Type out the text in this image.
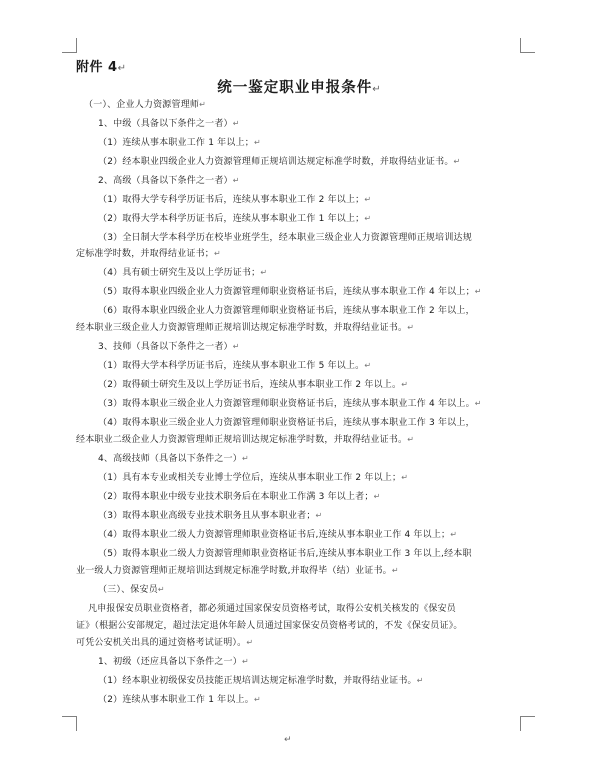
附件 4↵
统一鉴定职业申报条件↵
（一）、企业人力资源管理师↵
1、中级（具备以下条件之一者）↵
（1）连续从事本职业工作 1 年以上；↵
（2）经本职业四级企业人力资源管理师正规培训达规定标准学时数，并取得结业证书。↵
2、高级（具备以下条件之一者）↵
（1）取得大学专科学历证书后，连续从事本职业工作 2 年以上；↵
（2）取得大学本科学历证书后，连续从事本职业工作 1 年以上；↵
（3）全日制大学本科学历在校毕业班学生，经本职业三级企业人力资源管理师正规培训达规
定标准学时数，并取得结业证书；↵
（4）具有硕士研究生及以上学历证书；↵
（5）取得本职业四级企业人力资源管理师职业资格证书后，连续从事本职业工作 4 年以上；↵
（6）取得本职业四级企业人力资源管理师职业资格证书后，连续从事本职业工作 2 年以上，
经本职业三级企业人力资源管理师正规培训达规定标准学时数，并取得结业证书。↵
3、技师（具备以下条件之一者）↵
（1）取得大学本科学历证书后，连续从事本职业工作 5 年以上。↵
（2）取得硕士研究生及以上学历证书后，连续从事本职业工作 2 年以上。↵
（3）取得本职业三级企业人力资源管理师职业资格证书后，连续从事本职业工作 4 年以上。↵
（4）取得本职业三级企业人力资源管理师职业资格证书后，连续从事本职业工作 3 年以上，
经本职业二级企业人力资源管理师正规培训达规定标准学时数，并取得结业证书。↵
4、高级技师（具备以下条件之一）↵
（1）具有本专业或相关专业博士学位后，连续从事本职业工作 2 年以上；↵
（2）取得本职业中级专业技术职务后在本职业工作满 3 年以上者；↵
（3）取得本职业高级专业技术职务且从事本职业者；↵
（4）取得本职业二级人力资源管理师职业资格证书后,连续从事本职业工作 4 年以上；↵
（5）取得本职业二级人力资源管理师职业资格证书后,连续从事本职业工作 3 年以上,经本职
业一级人力资源管理师正规培训达到规定标准学时数,并取得毕（结）业证书。↵
（三）、保安员↵
凡申报保安员职业资格者，都必须通过国家保安员资格考试，取得公安机关核发的《保安员
证》（根据公安部规定，超过法定退休年龄人员通过国家保安员资格考试的，不发《保安员证》。
可凭公安机关出具的通过资格考试证明）。↵
1、初级（还应具备以下条件之一）↵
（1）经本职业初级保安员技能正规培训达规定标准学时数，并取得结业证书。↵
（2）连续从事本职业工作 1 年以上。↵
↵
